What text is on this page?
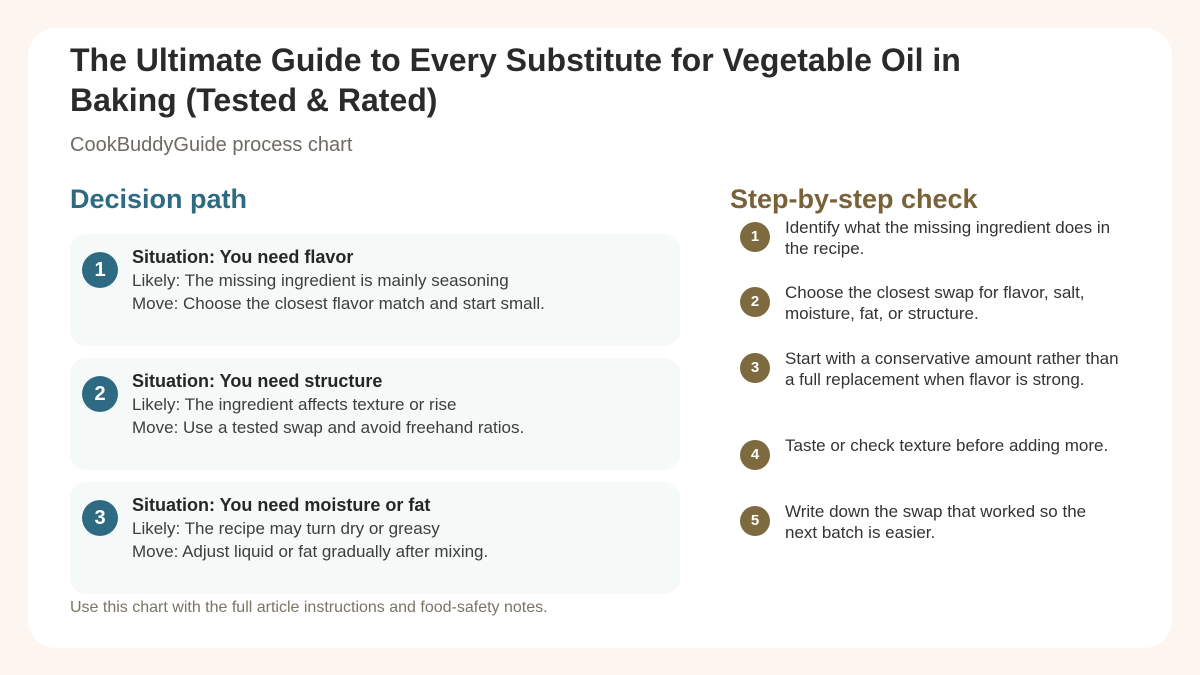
The Ultimate Guide to Every Substitute for Vegetable Oil in Baking (Tested & Rated)
CookBuddyGuide process chart
Decision path	Step-by-step check
1
Situation: You need flavor
Likely: The missing ingredient is mainly seasoning
Move: Choose the closest flavor match and start small.
2
Situation: You need structure
Likely: The ingredient affects texture or rise
Move: Use a tested swap and avoid freehand ratios.
3
Situation: You need moisture or fat
Likely: The recipe may turn dry or greasy
Move: Adjust liquid or fat gradually after mixing.
1	Identify what the missing ingredient does in the recipe.
2	Choose the closest swap for flavor, salt, moisture, fat, or structure.
3	Start with a conservative amount rather than a full replacement when flavor is strong.
4	Taste or check texture before adding more.
5	Write down the swap that worked so the next batch is easier.
Use this chart with the full article instructions and food-safety notes.
